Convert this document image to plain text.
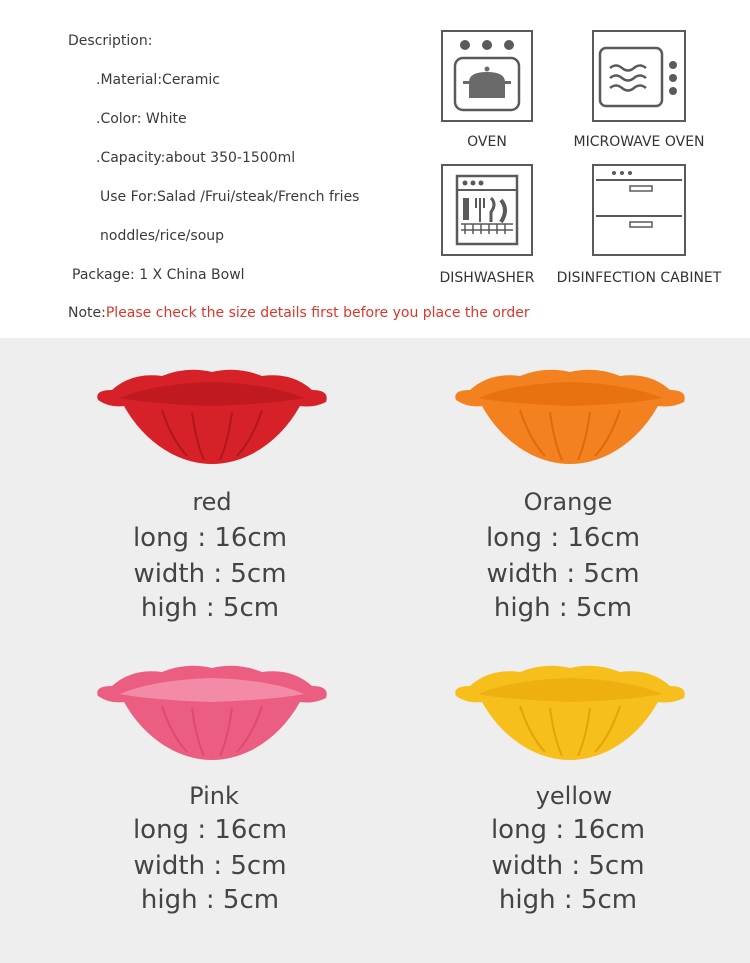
Description:
.Material:Ceramic
.Color: White
.Capacity:about 350-1500ml
Use For:Salad /Frui/steak/French fries
noddles/rice/soup
Package: 1 X China Bowl
Note:Please check the size details first before you place the order
OVEN	MICROWAVE OVEN
DISHWASHER	DISINFECTION CABINET
red
long : 16cm
width : 5cm
high : 5cm
Orange
long : 16cm
width : 5cm
high : 5cm
Pink
long : 16cm
width : 5cm
high : 5cm
yellow
long : 16cm
width : 5cm
high : 5cm
